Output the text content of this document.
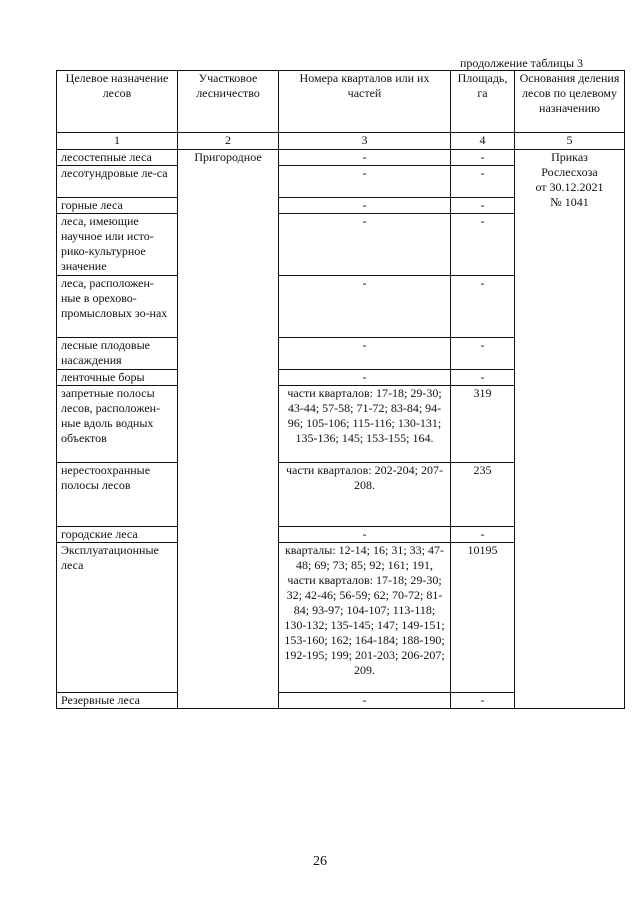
продолжение таблицы 3
Целевое назначение лесов	Участковое лесничество	Номера кварталов или их частей	Площадь, га	Основания деления лесов по целевому назначению
1	2	3	4	5
лесостепные леса	Пригородное	-	-	Приказ
Рослесхоза
от 30.12.2021
№ 1041

лесотундровые ле-са		-	-	
горные леса		-	-	
леса, имеющие научное или исто-рико-культурное значение		-	-	
леса, расположен-ные в орехово-промысловых зо-нах		-	-	
лесные плодовые насаждения		-	-	
ленточные боры		-	-	
запретные полосы лесов, расположен-ные вдоль водных объектов		части кварталов: 17-18; 29-30; 43-44; 57-58; 71-72; 83-84; 94-96; 105-106; 115-116; 130-131; 135-136; 145; 153-155; 164.	319	
нерестоохранные полосы лесов		части кварталов: 202-204; 207-208.	235	
городские леса		-	-	
Эксплуатационные леса		кварталы: 12-14; 16; 31; 33; 47-48; 69; 73; 85; 92; 161; 191, части кварталов: 17-18; 29-30; 32; 42-46; 56-59; 62; 70-72; 81-84; 93-97; 104-107; 113-118; 130-132; 135-145; 147; 149-151; 153-160; 162; 164-184; 188-190; 192-195; 199; 201-203; 206-207; 209.	10195	
Резервные леса		-	-	
26
